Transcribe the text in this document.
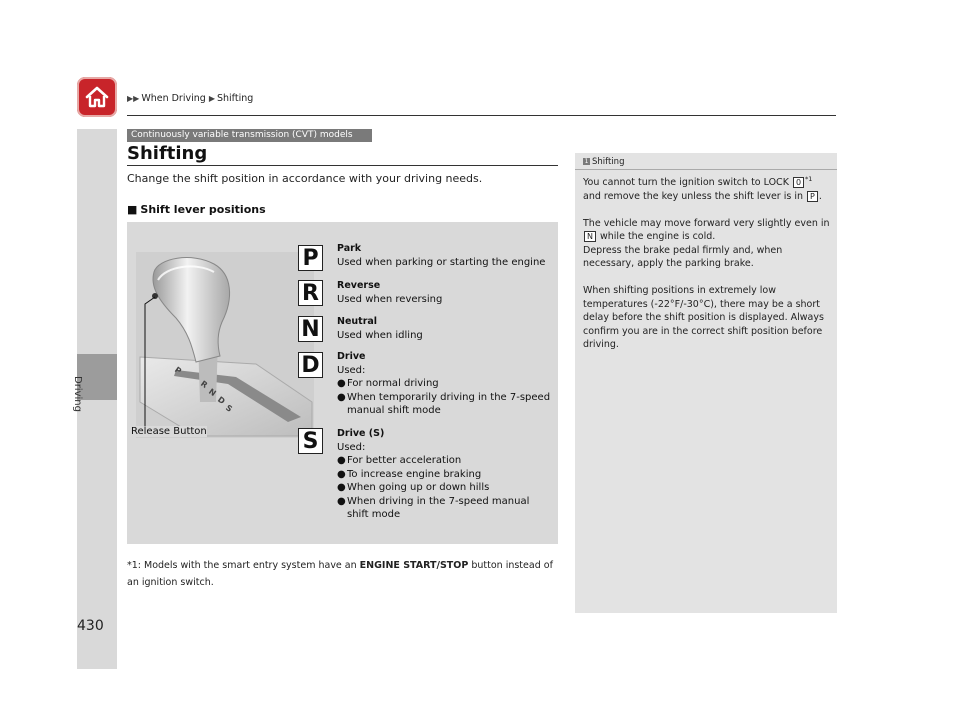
▶▶ When Driving ▶ Shifting
Driving
430
Continuously variable transmission (CVT) models
Shifting
Change the shift position in accordance with your driving needs.
■ Shift lever positions
P
R
N
D
S
P
R
N
D
S
Park
Used when parking or starting the engine
Reverse
Used when reversing
Neutral
Used when idling
Drive
Used:
● For normal driving
● When temporarily driving in the 7-speed manual shift mode
Drive (S)
Used:
● For better acceleration
● To increase engine braking
● When going up or down hills
● When driving in the 7-speed manual shift mode
Release Button
*1: Models with the smart entry system have an ENGINE START/STOP button instead of an ignition switch.
1 Shifting

You cannot turn the ignition switch to LOCK 0 $^{*1}$ and remove the key unless the shift lever is in P .

The vehicle may move forward very slightly even in N while the engine is cold.
Depress the brake pedal firmly and, when necessary, apply the parking brake.

When shifting positions in extremely low temperatures (-22°F/-30°C), there may be a short delay before the shift position is displayed. Always confirm you are in the correct shift position before driving.
